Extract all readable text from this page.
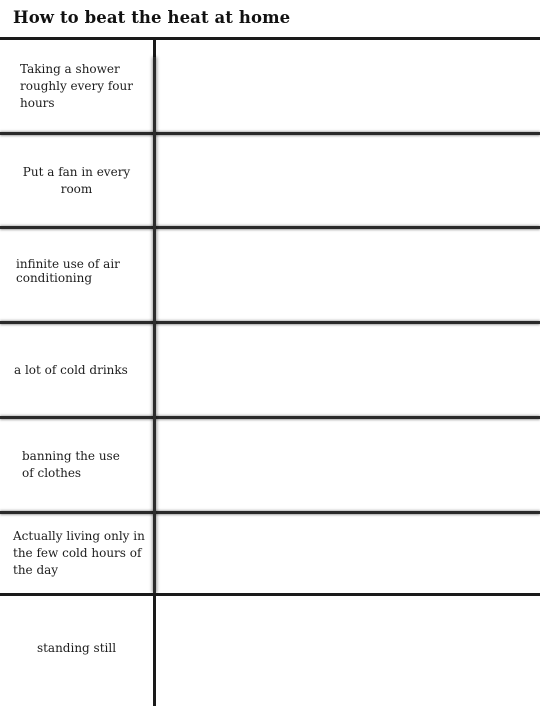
How to beat the heat at home
Taking a shower
roughly every four
hours
Put a fan in every room
infinite use of air
conditioning
a lot of cold drinks
banning the use
of clothes
Actually living only in
the few cold hours of
the day
standing still
